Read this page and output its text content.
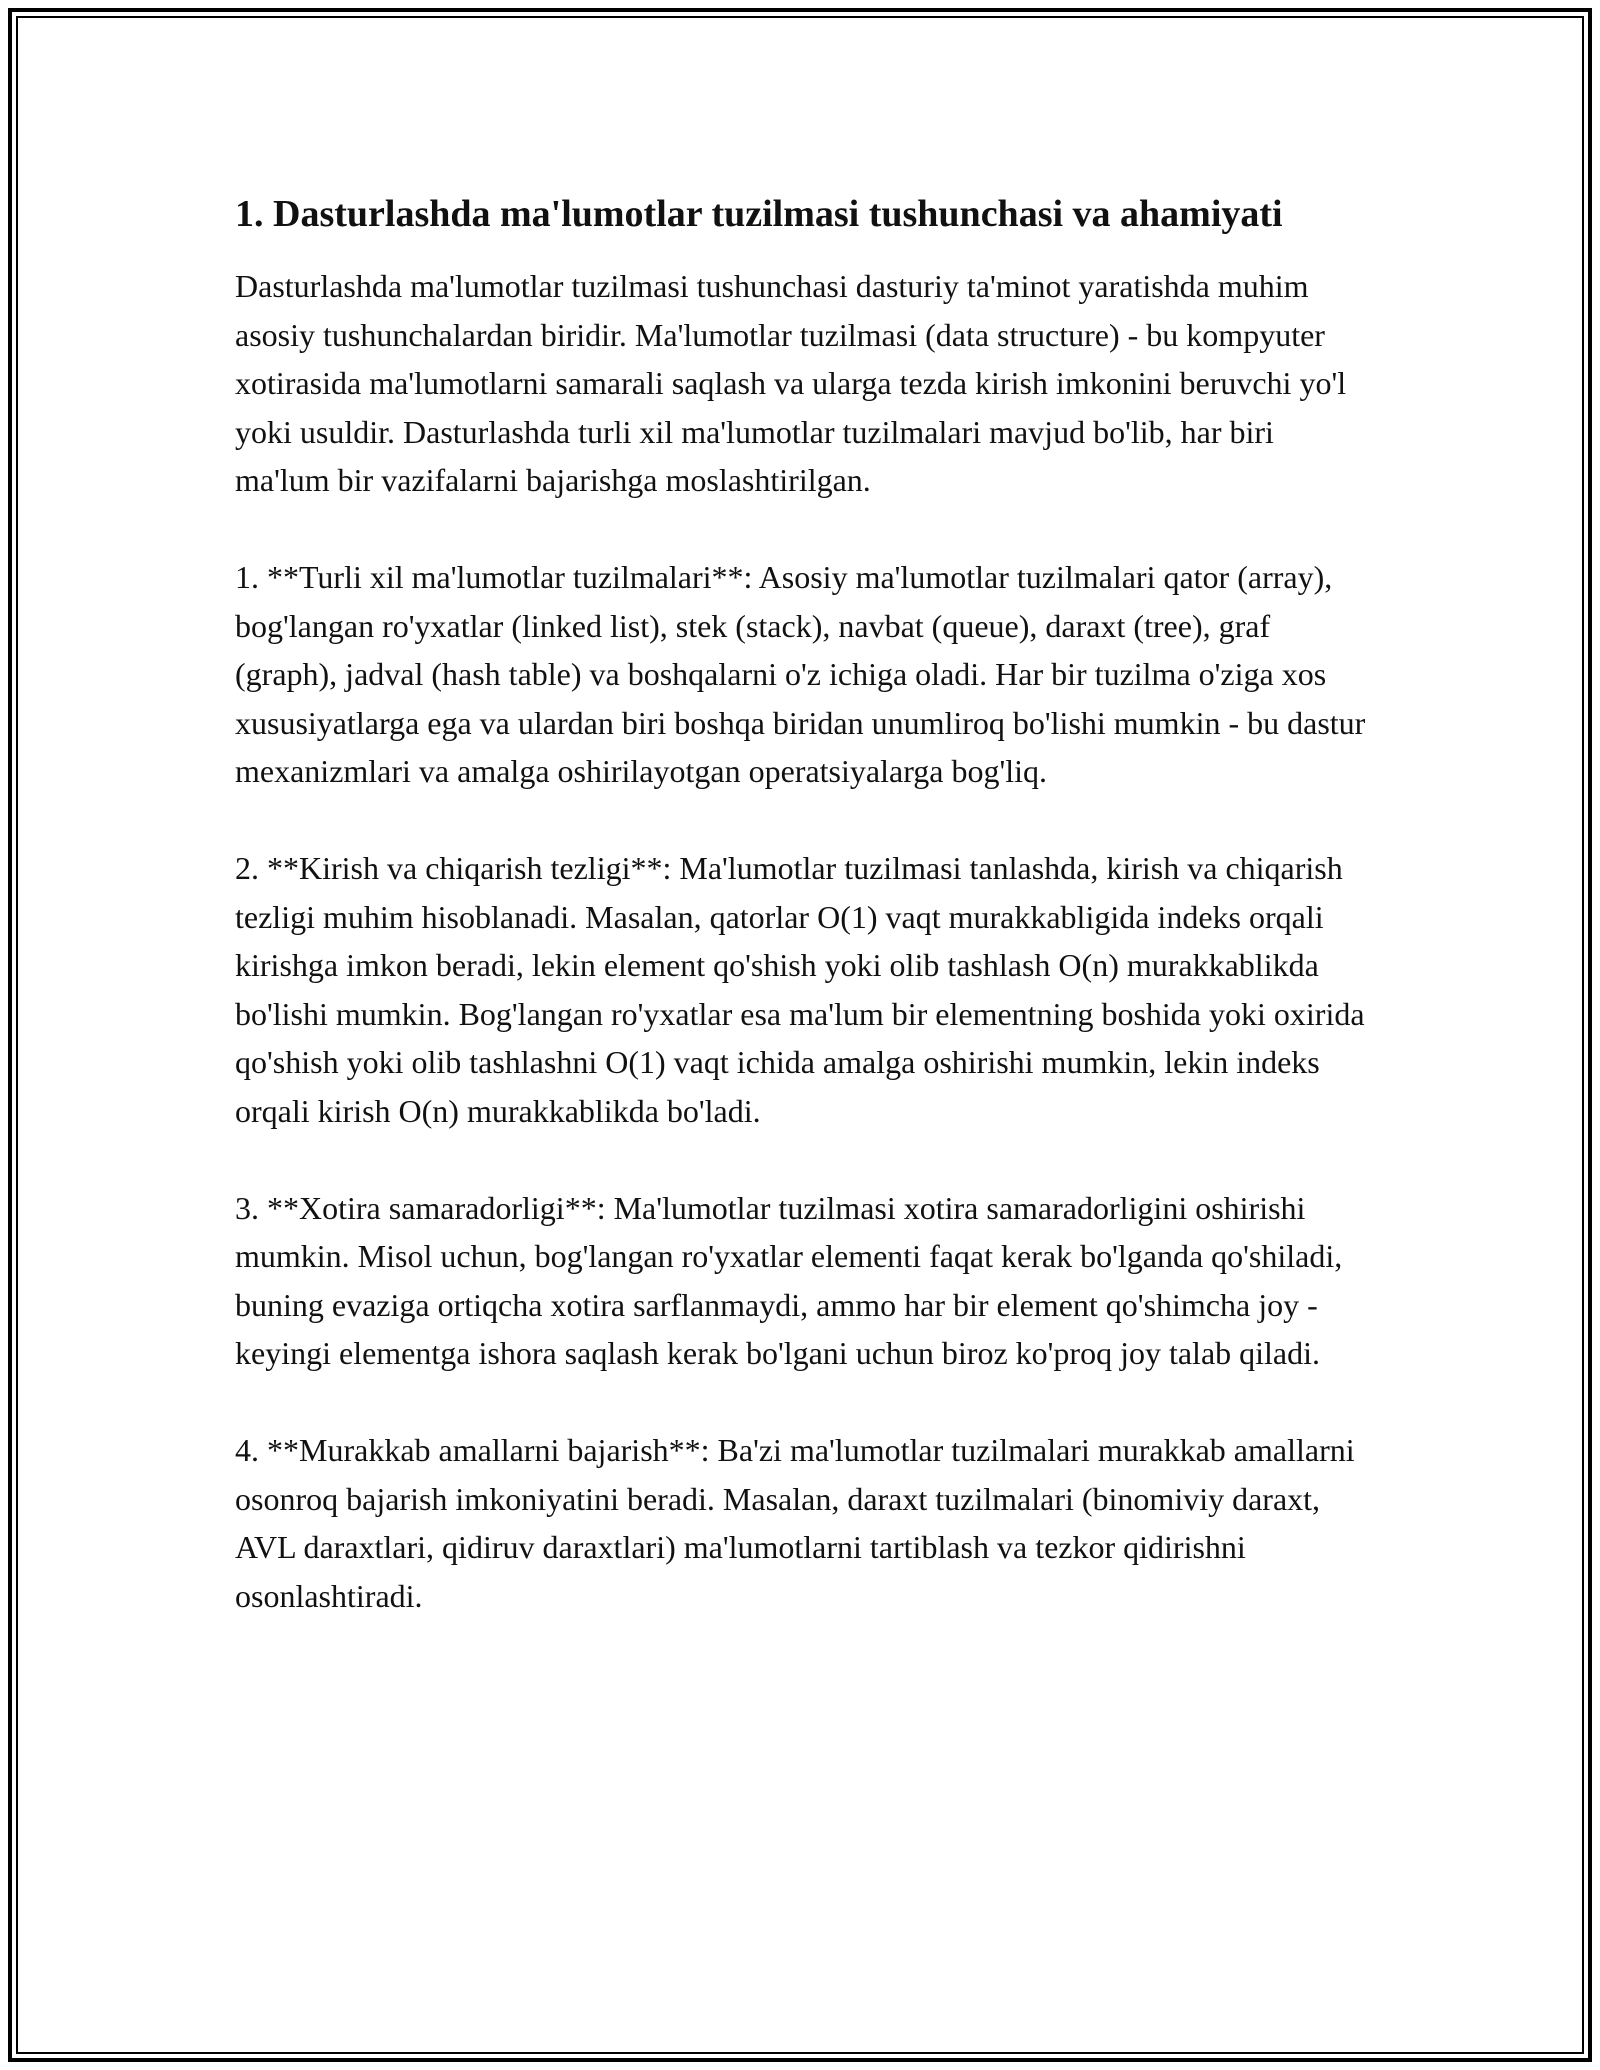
1. Dasturlashda ma'lumotlar tuzilmasi tushunchasi va ahamiyati

Dasturlashda ma'lumotlar tuzilmasi tushunchasi dasturiy ta'minot yaratishda muhim asosiy tushunchalardan biridir. Ma'lumotlar tuzilmasi (data structure) - bu kompyuter xotirasida ma'lumotlarni samarali saqlash va ularga tezda kirish imkonini beruvchi yo'l yoki usuldir. Dasturlashda turli xil ma'lumotlar tuzilmalari mavjud bo'lib, har biri ma'lum bir vazifalarni bajarishga moslashtirilgan.

1. **Turli xil ma'lumotlar tuzilmalari**: Asosiy ma'lumotlar tuzilmalari qator (array), bog'langan ro'yxatlar (linked list), stek (stack), navbat (queue), daraxt (tree), graf (graph), jadval (hash table) va boshqalarni o'z ichiga oladi. Har bir tuzilma o'ziga xos xususiyatlarga ega va ulardan biri boshqa biridan unumliroq bo'lishi mumkin - bu dastur mexanizmlari va amalga oshirilayotgan operatsiyalarga bog'liq.

2. **Kirish va chiqarish tezligi**: Ma'lumotlar tuzilmasi tanlashda, kirish va chiqarish tezligi muhim hisoblanadi. Masalan, qatorlar O(1) vaqt murakkabligida indeks orqali kirishga imkon beradi, lekin element qo'shish yoki olib tashlash O(n) murakkablikda bo'lishi mumkin. Bog'langan ro'yxatlar esa ma'lum bir elementning boshida yoki oxirida qo'shish yoki olib tashlashni O(1) vaqt ichida amalga oshirishi mumkin, lekin indeks orqali kirish O(n) murakkablikda bo'ladi.

3. **Xotira samaradorligi**: Ma'lumotlar tuzilmasi xotira samaradorligini oshirishi mumkin. Misol uchun, bog'langan ro'yxatlar elementi faqat kerak bo'lganda qo'shiladi, buning evaziga ortiqcha xotira sarflanmaydi, ammo har bir element qo'shimcha joy - keyingi elementga ishora saqlash kerak bo'lgani uchun biroz ko'proq joy talab qiladi.

4. **Murakkab amallarni bajarish**: Ba'zi ma'lumotlar tuzilmalari murakkab amallarni osonroq bajarish imkoniyatini beradi. Masalan, daraxt tuzilmalari (binomiviy daraxt, AVL daraxtlari, qidiruv daraxtlari) ma'lumotlarni tartiblash va tezkor qidirishni osonlashtiradi.
